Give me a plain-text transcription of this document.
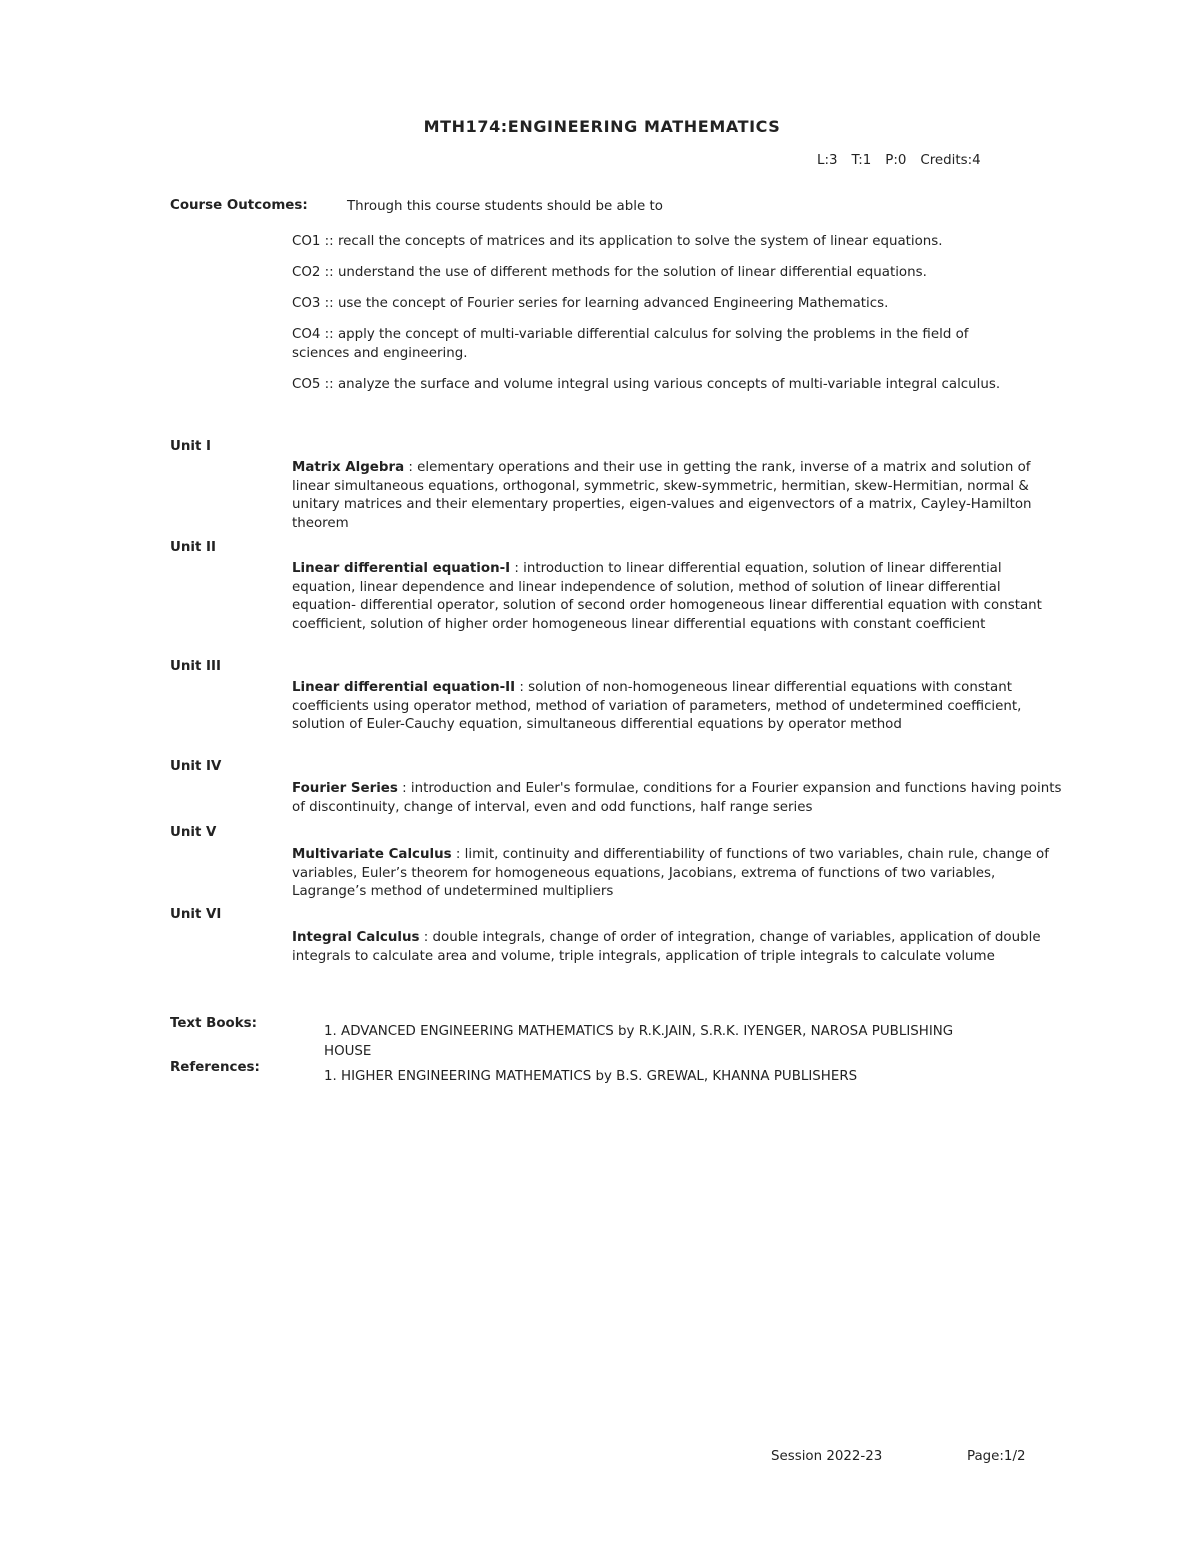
MTH174:ENGINEERING MATHEMATICS
L:3 T:1 P:0 Credits:4
Course Outcomes:	Through this course students should be able to
CO1 :: recall the concepts of matrices and its application to solve the system of linear equations.
CO2 :: understand the use of different methods for the solution of linear differential equations.
CO3 :: use the concept of Fourier series for learning advanced Engineering Mathematics.
CO4 :: apply the concept of multi-variable differential calculus for solving the problems in the field of sciences and engineering.
CO5 :: analyze the surface and volume integral using various concepts of multi-variable integral calculus.
Unit I
Matrix Algebra : elementary operations and their use in getting the rank, inverse of a matrix and solution of linear simultaneous equations, orthogonal, symmetric, skew-symmetric, hermitian, skew-Hermitian, normal & unitary matrices and their elementary properties, eigen-values and eigenvectors of a matrix, Cayley-Hamilton theorem
Unit II
Linear differential equation-I : introduction to linear differential equation, solution of linear differential equation, linear dependence and linear independence of solution, method of solution of linear differential equation- differential operator, solution of second order homogeneous linear differential equation with constant coefficient, solution of higher order homogeneous linear differential equations with constant coefficient
Unit III
Linear differential equation-II : solution of non-homogeneous linear differential equations with constant coefficients using operator method, method of variation of parameters, method of undetermined coefficient, solution of Euler-Cauchy equation, simultaneous differential equations by operator method
Unit IV
Fourier Series : introduction and Euler's formulae, conditions for a Fourier expansion and functions having points of discontinuity, change of interval, even and odd functions, half range series
Unit V
Multivariate Calculus : limit, continuity and differentiability of functions of two variables, chain rule, change of variables, Euler’s theorem for homogeneous equations, Jacobians, extrema of functions of two variables, Lagrange’s method of undetermined multipliers
Unit VI
Integral Calculus : double integrals, change of order of integration, change of variables, application of double integrals to calculate area and volume, triple integrals, application of triple integrals to calculate volume
Text Books:
1. ADVANCED ENGINEERING MATHEMATICS by R.K.JAIN, S.R.K. IYENGER, NAROSA PUBLISHING HOUSE
References:
1. HIGHER ENGINEERING MATHEMATICS by B.S. GREWAL, KHANNA PUBLISHERS
Session 2022-23	Page:1/2
